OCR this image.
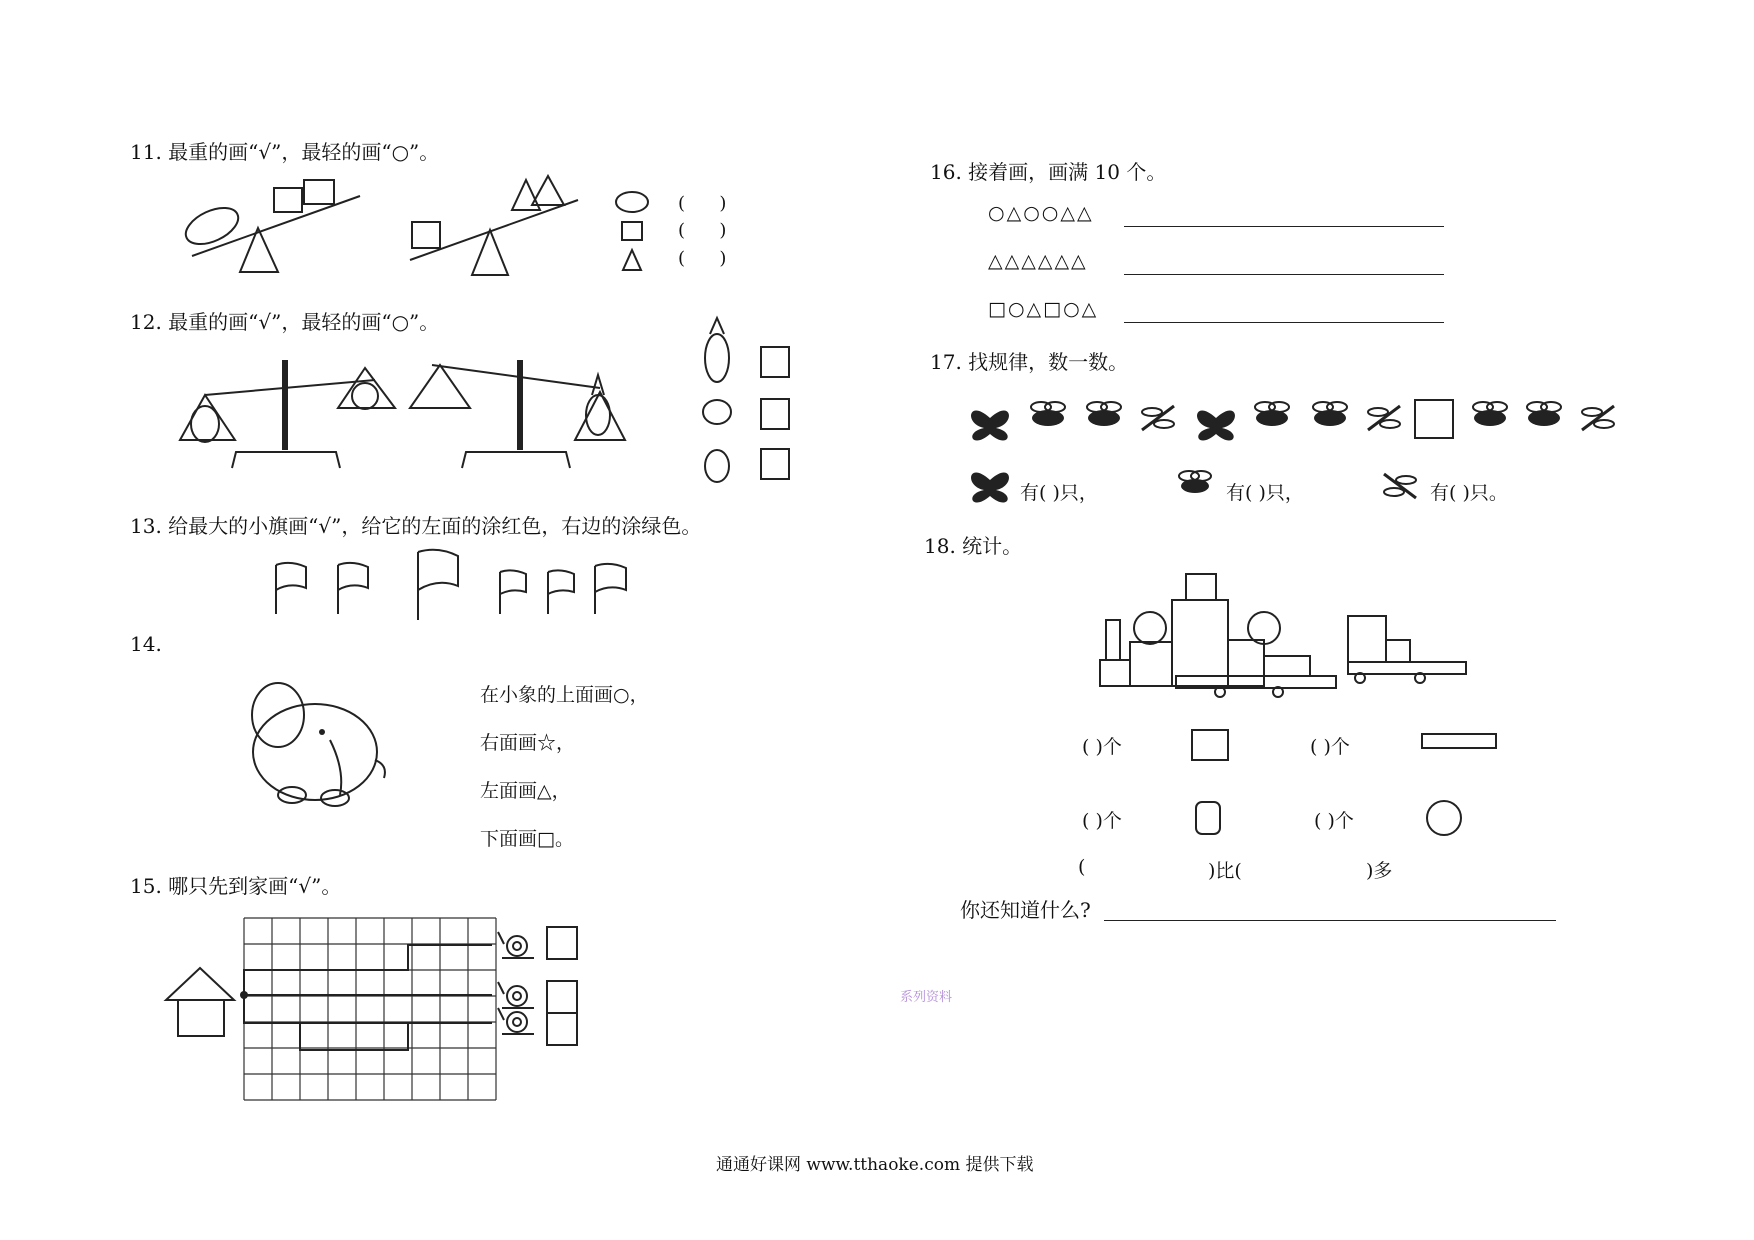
11. 最重的画“√”，最轻的画“○”。
(      )
(      )
(      )
12. 最重的画“√”，最轻的画“○”。
13. 给最大的小旗画“√”，给它的左面的涂红色，右边的涂绿色。
14.
在小象的上面画○，
右面画☆，
左面画△，
下面画□。
15. 哪只先到家画“√”。
16. 接着画，画满 10 个。
○△○○△△
△△△△△△
□○△□○△
17. 找规律，数一数。
有( )只，	有( )只，	有( )只。
18. 统计。
( )个	( )个
( )个	( )个
(	)比(	)多
你还知道什么?
系列资料
通通好课网 www.tthaoke.com 提供下载
